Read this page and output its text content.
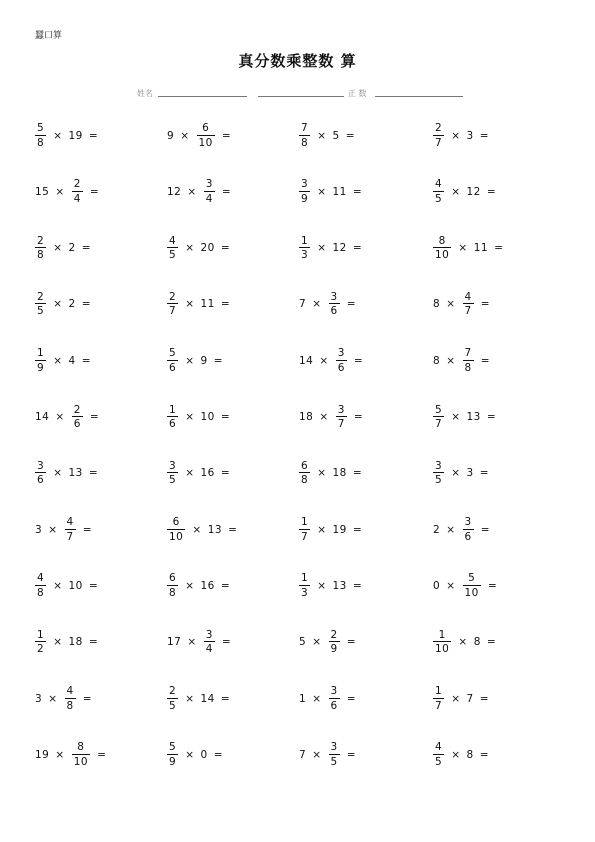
蠶口算
真分数乘整数 算
姓名	正 数
$\frac{5}{8} \times 19$ =	$9 \times \frac{6}{10}$ =	$\frac{7}{8} \times 5$ =	$\frac{2}{7} \times 3$ =
$15 \times \frac{2}{4}$ =	$12 \times \frac{3}{4}$ =	$\frac{3}{9} \times 11$ =	$\frac{4}{5} \times 12$ =
$\frac{2}{8} \times 2$ =	$\frac{4}{5} \times 20$ =	$\frac{1}{3} \times 12$ =	$\frac{8}{10} \times 11$ =
$\frac{2}{5} \times 2$ =	$\frac{2}{7} \times 11$ =	$7 \times \frac{3}{6}$ =	$8 \times \frac{4}{7}$ =
$\frac{1}{9} \times 4$ =	$\frac{5}{6} \times 9$ =	$14 \times \frac{3}{6}$ =	$8 \times \frac{7}{8}$ =
$14 \times \frac{2}{6}$ =	$\frac{1}{6} \times 10$ =	$18 \times \frac{3}{7}$ =	$\frac{5}{7} \times 13$ =
$\frac{3}{6} \times 13$ =	$\frac{3}{5} \times 16$ =	$\frac{6}{8} \times 18$ =	$\frac{3}{5} \times 3$ =
$3 \times \frac{4}{7}$ =	$\frac{6}{10} \times 13$ =	$\frac{1}{7} \times 19$ =	$2 \times \frac{3}{6}$ =
$\frac{4}{8} \times 10$ =	$\frac{6}{8} \times 16$ =	$\frac{1}{3} \times 13$ =	$0 \times \frac{5}{10}$ =
$\frac{1}{2} \times 18$ =	$17 \times \frac{3}{4}$ =	$5 \times \frac{2}{9}$ =	$\frac{1}{10} \times 8$ =
$3 \times \frac{4}{8}$ =	$\frac{2}{5} \times 14$ =	$1 \times \frac{3}{6}$ =	$\frac{1}{7} \times 7$ =
$19 \times \frac{8}{10}$ =	$\frac{5}{9} \times 0$ =	$7 \times \frac{3}{5}$ =	$\frac{4}{5} \times 8$ =
